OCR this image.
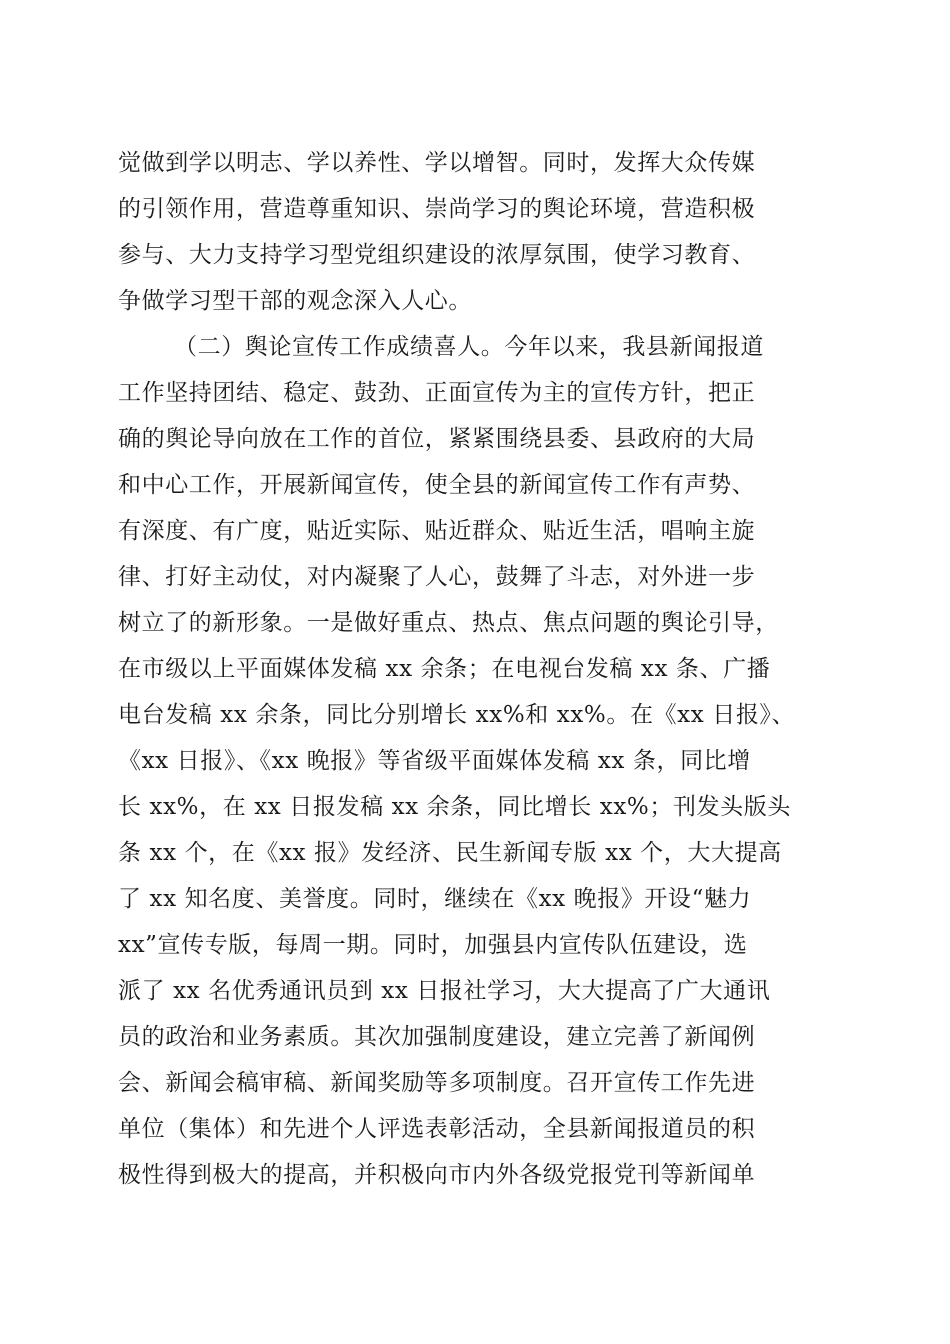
觉做到学以明志、学以养性、学以增智。同时，发挥大众传媒
的引领作用，营造尊重知识、崇尚学习的舆论环境，营造积极
参与、大力支持学习型党组织建设的浓厚氛围，使学习教育、
争做学习型干部的观念深入人心。
（二）舆论宣传工作成绩喜人。今年以来，我县新闻报道
工作坚持团结、稳定、鼓劲、正面宣传为主的宣传方针，把正
确的舆论导向放在工作的首位，紧紧围绕县委、县政府的大局
和中心工作，开展新闻宣传，使全县的新闻宣传工作有声势、
有深度、有广度，贴近实际、贴近群众、贴近生活，唱响主旋
律、打好主动仗，对内凝聚了人心，鼓舞了斗志，对外进一步
树立了的新形象。一是做好重点、热点、焦点问题的舆论引导，
在市级以上平面媒体发稿 xx 余条；在电视台发稿 xx 条、广播
电台发稿 xx 余条，同比分别增长 xx%和 xx%。在《xx 日报》、
《xx 日报》、《xx 晚报》等省级平面媒体发稿 xx 条，同比增
长 xx%，在 xx 日报发稿 xx 余条，同比增长 xx%；刊发头版头
条 xx 个，在《xx 报》发经济、民生新闻专版 xx 个，大大提高
了 xx 知名度、美誉度。同时，继续在《xx 晚报》开设“魅力
xx”宣传专版，每周一期。同时，加强县内宣传队伍建设，选
派了 xx 名优秀通讯员到 xx 日报社学习，大大提高了广大通讯
员的政治和业务素质。其次加强制度建设，建立完善了新闻例
会、新闻会稿审稿、新闻奖励等多项制度。召开宣传工作先进
单位（集体）和先进个人评选表彰活动，全县新闻报道员的积
极性得到极大的提高，并积极向市内外各级党报党刊等新闻单
